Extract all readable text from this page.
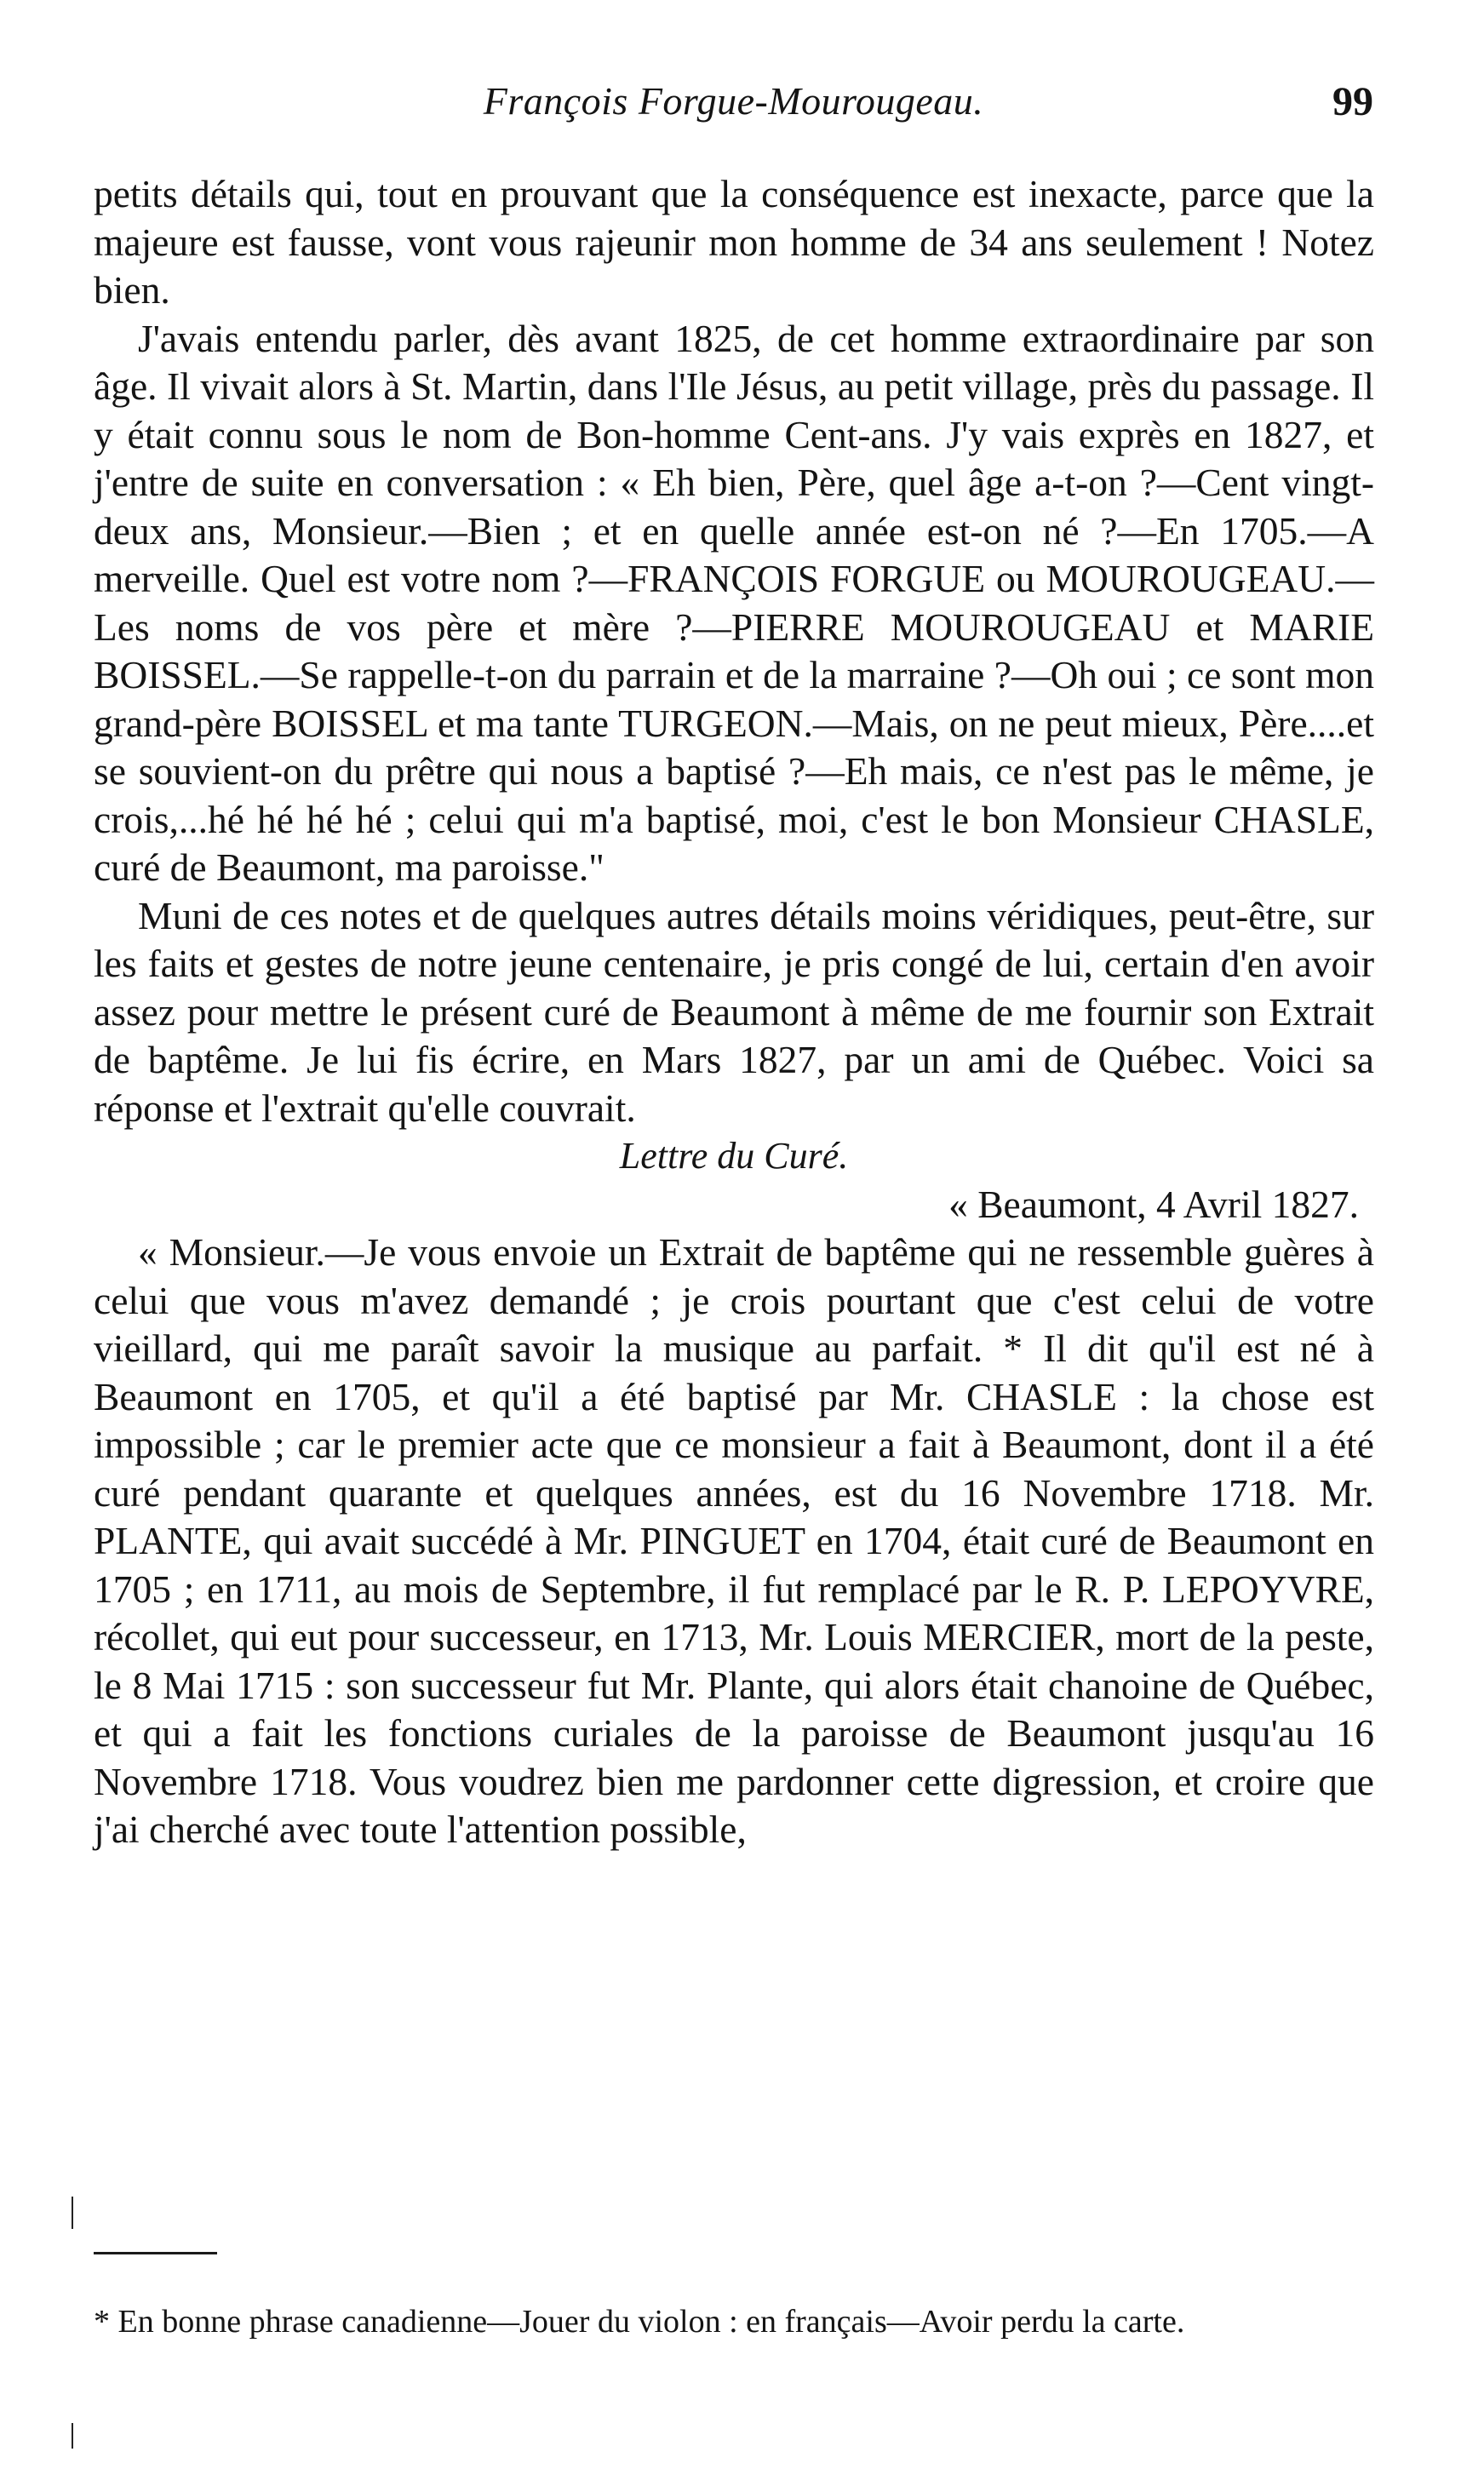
François Forgue-Mourougeau.	99

petits détails qui, tout en prouvant que la conséquence est inexacte, parce que la majeure est fausse, vont vous rajeunir mon homme de 34 ans seulement ! Notez bien.

J'avais entendu parler, dès avant 1825, de cet homme extraordinaire par son âge. Il vivait alors à St. Martin, dans l'Ile Jésus, au petit village, près du passage. Il y était connu sous le nom de Bon-homme Cent-ans. J'y vais exprès en 1827, et j'entre de suite en conversation : « Eh bien, Père, quel âge a-t-on ?—Cent vingt-deux ans, Monsieur.—Bien ; et en quelle année est-on né ?—En 1705.—A merveille. Quel est votre nom ?—FRANÇOIS FORGUE ou MOUROUGEAU.—Les noms de vos père et mère ?—PIERRE MOUROUGEAU et MARIE BOISSEL.—Se rappelle-t-on du parrain et de la marraine ?—Oh oui ; ce sont mon grand-père BOISSEL et ma tante TURGEON.—Mais, on ne peut mieux, Père....et se souvient-on du prêtre qui nous a baptisé ?—Eh mais, ce n'est pas le même, je crois,...hé hé hé hé ; celui qui m'a baptisé, moi, c'est le bon Monsieur CHASLE, curé de Beaumont, ma paroisse."

Muni de ces notes et de quelques autres détails moins véridiques, peut-être, sur les faits et gestes de notre jeune centenaire, je pris congé de lui, certain d'en avoir assez pour mettre le présent curé de Beaumont à même de me fournir son Extrait de baptême. Je lui fis écrire, en Mars 1827, par un ami de Québec. Voici sa réponse et l'extrait qu'elle couvrait.

Lettre du Curé.

« Beaumont, 4 Avril 1827.

« Monsieur.—Je vous envoie un Extrait de baptême qui ne ressemble guères à celui que vous m'avez demandé ; je crois pourtant que c'est celui de votre vieillard, qui me paraît savoir la musique au parfait. * Il dit qu'il est né à Beaumont en 1705, et qu'il a été baptisé par Mr. CHASLE : la chose est impossible ; car le premier acte que ce monsieur a fait à Beaumont, dont il a été curé pendant quarante et quelques années, est du 16 Novembre 1718. Mr. PLANTE, qui avait succédé à Mr. PINGUET en 1704, était curé de Beaumont en 1705 ; en 1711, au mois de Septembre, il fut remplacé par le R. P. LEPOYVRE, récollet, qui eut pour successeur, en 1713, Mr. Louis MERCIER, mort de la peste, le 8 Mai 1715 : son successeur fut Mr. Plante, qui alors était chanoine de Québec, et qui a fait les fonctions curiales de la paroisse de Beaumont jusqu'au 16 Novembre 1718. Vous voudrez bien me pardonner cette digression, et croire que j'ai cherché avec toute l'attention possible,

* En bonne phrase canadienne—Jouer du violon : en français—Avoir perdu la carte.
